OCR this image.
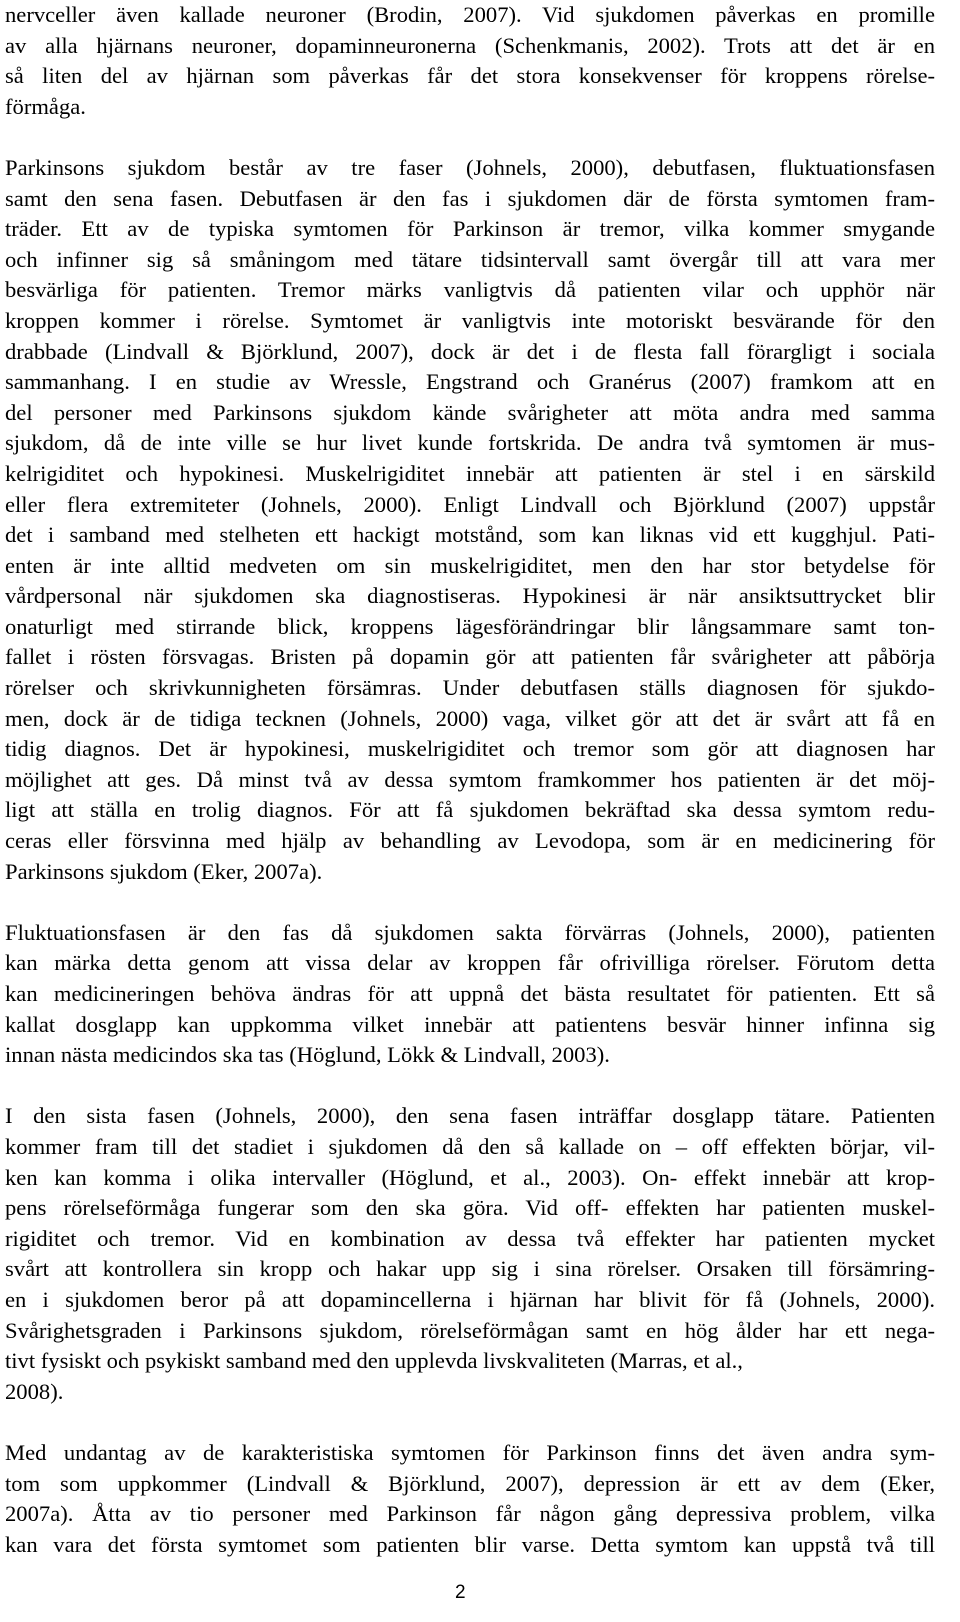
nervceller även kallade neuroner (Brodin, 2007). Vid sjukdomen påverkas en promille
av alla hjärnans neuroner, dopaminneuronerna (Schenkmanis, 2002). Trots att det är en
så liten del av hjärnan som påverkas får det stora konsekvenser för kroppens rörelse-
förmåga.
Parkinsons sjukdom består av tre faser (Johnels, 2000), debutfasen, fluktuationsfasen
samt den sena fasen. Debutfasen är den fas i sjukdomen där de första symtomen fram-
träder. Ett av de typiska symtomen för Parkinson är tremor, vilka kommer smygande
och infinner sig så småningom med tätare tidsintervall samt övergår till att vara mer
besvärliga för patienten. Tremor märks vanligtvis då patienten vilar och upphör när
kroppen kommer i rörelse. Symtomet är vanligtvis inte motoriskt besvärande för den
drabbade (Lindvall & Björklund, 2007), dock är det i de flesta fall förargligt i sociala
sammanhang. I en studie av Wressle, Engstrand och Granérus (2007) framkom att en
del personer med Parkinsons sjukdom kände svårigheter att möta andra med samma
sjukdom, då de inte ville se hur livet kunde fortskrida. De andra två symtomen är mus-
kelrigiditet och hypokinesi. Muskelrigiditet innebär att patienten är stel i en särskild
eller flera extremiteter (Johnels, 2000). Enligt Lindvall och Björklund (2007) uppstår
det i samband med stelheten ett hackigt motstånd, som kan liknas vid ett kugghjul. Pati-
enten är inte alltid medveten om sin muskelrigiditet, men den har stor betydelse för
vårdpersonal när sjukdomen ska diagnostiseras. Hypokinesi är när ansiktsuttrycket blir
onaturligt med stirrande blick, kroppens lägesförändringar blir långsammare samt ton-
fallet i rösten försvagas. Bristen på dopamin gör att patienten får svårigheter att påbörja
rörelser och skrivkunnigheten försämras. Under debutfasen ställs diagnosen för sjukdo-
men, dock är de tidiga tecknen (Johnels, 2000) vaga, vilket gör att det är svårt att få en
tidig diagnos. Det är hypokinesi, muskelrigiditet och tremor som gör att diagnosen har
möjlighet att ges. Då minst två av dessa symtom framkommer hos patienten är det möj-
ligt att ställa en trolig diagnos. För att få sjukdomen bekräftad ska dessa symtom redu-
ceras eller försvinna med hjälp av behandling av Levodopa, som är en medicinering för
Parkinsons sjukdom (Eker, 2007a).
Fluktuationsfasen är den fas då sjukdomen sakta förvärras (Johnels, 2000), patienten
kan märka detta genom att vissa delar av kroppen får ofrivilliga rörelser. Förutom detta
kan medicineringen behöva ändras för att uppnå det bästa resultatet för patienten. Ett så
kallat dosglapp kan uppkomma vilket innebär att patientens besvär hinner infinna sig
innan nästa medicindos ska tas (Höglund, Lökk & Lindvall, 2003).
I den sista fasen (Johnels, 2000), den sena fasen inträffar dosglapp tätare. Patienten
kommer fram till det stadiet i sjukdomen då den så kallade on – off effekten börjar, vil-
ken kan komma i olika intervaller (Höglund, et al., 2003). On- effekt innebär att krop-
pens rörelseförmåga fungerar som den ska göra. Vid off- effekten har patienten muskel-
rigiditet och tremor. Vid en kombination av dessa två effekter har patienten mycket
svårt att kontrollera sin kropp och hakar upp sig i sina rörelser. Orsaken till försämring-
en i sjukdomen beror på att dopamincellerna i hjärnan har blivit för få (Johnels, 2000).
Svårighetsgraden i Parkinsons sjukdom, rörelseförmågan samt en hög ålder har ett nega-
tivt fysiskt och psykiskt samband med den upplevda livskvaliteten (Marras, et al.,
2008).
Med undantag av de karakteristiska symtomen för Parkinson finns det även andra sym-
tom som uppkommer (Lindvall & Björklund, 2007), depression är ett av dem (Eker,
2007a). Åtta av tio personer med Parkinson får någon gång depressiva problem, vilka
kan vara det första symtomet som patienten blir varse. Detta symtom kan uppstå två till
2
